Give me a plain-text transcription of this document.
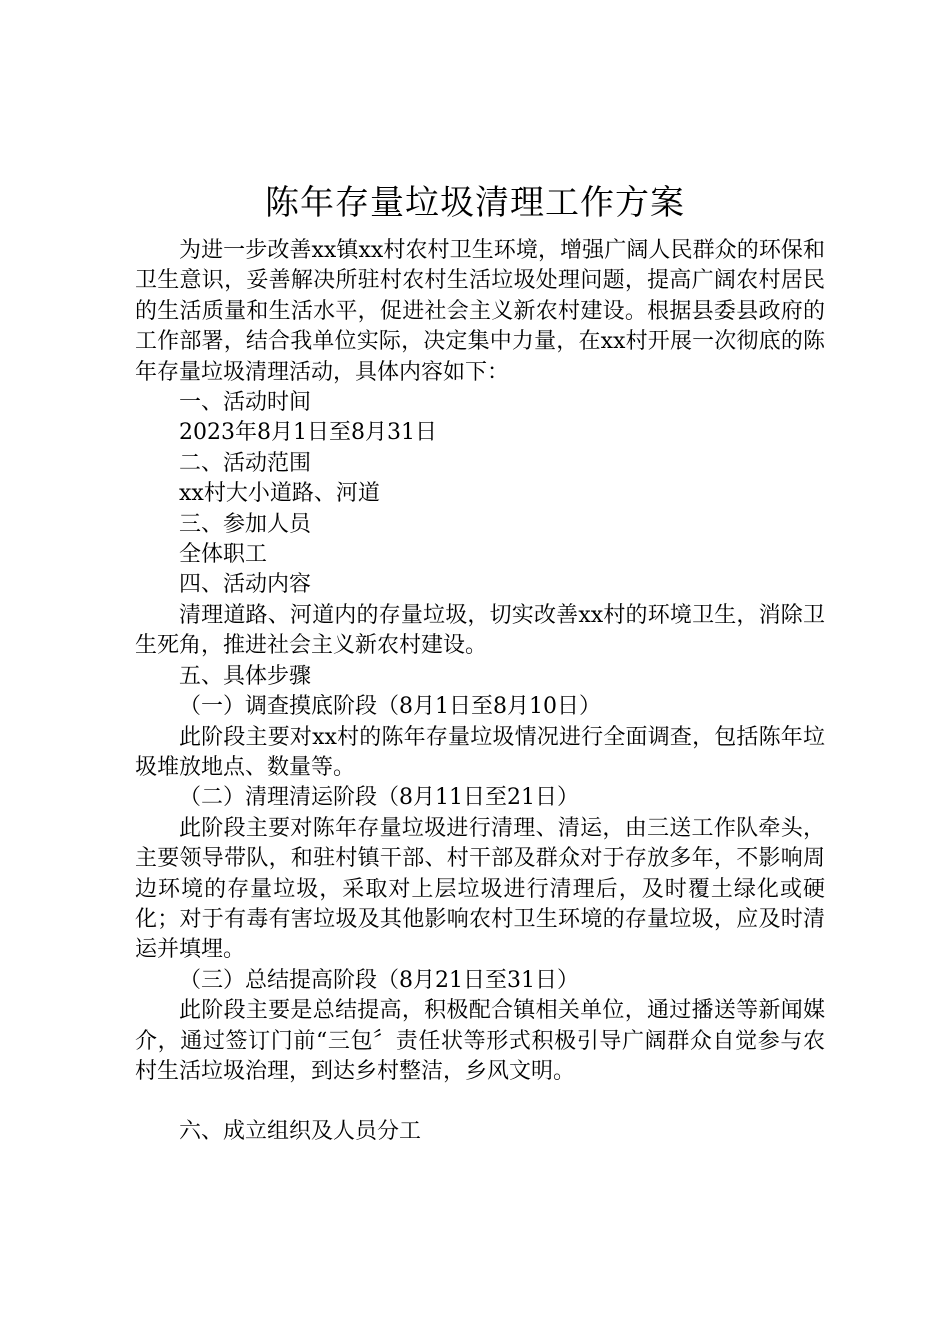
陈年存量垃圾清理工作方案

为进一步改善xx镇xx村农村卫生环境，增强广阔人民群众的环保和卫生意识，妥善解决所驻村农村生活垃圾处理问题，提高广阔农村居民的生活质量和生活水平，促进社会主义新农村建设。根据县委县政府的工作部署，结合我单位实际，决定集中力量，在xx村开展一次彻底的陈年存量垃圾清理活动，具体内容如下：

一、活动时间

2023年8月1日至8月31日

二、活动范围

xx村大小道路、河道

三、参加人员

全体职工

四、活动内容

清理道路、河道内的存量垃圾，切实改善xx村的环境卫生，消除卫生死角，推进社会主义新农村建设。

五、具体步骤

（一）调查摸底阶段（8月1日至8月10日）

此阶段主要对xx村的陈年存量垃圾情况进行全面调查，包括陈年垃圾堆放地点、数量等。

（二）清理清运阶段（8月11日至21日）

此阶段主要对陈年存量垃圾进行清理、清运，由三送工作队牵头，主要领导带队，和驻村镇干部、村干部及群众对于存放多年，不影响周边环境的存量垃圾，采取对上层垃圾进行清理后，及时覆土绿化或硬化；对于有毒有害垃圾及其他影响农村卫生环境的存量垃圾，应及时清运并填埋。

（三）总结提高阶段（8月21日至31日）

此阶段主要是总结提高，积极配合镇相关单位，通过播送等新闻媒介，通过签订门前“三包〞责任状等形式积极引导广阔群众自觉参与农村生活垃圾治理，到达乡村整洁，乡风文明。

六、成立组织及人员分工
